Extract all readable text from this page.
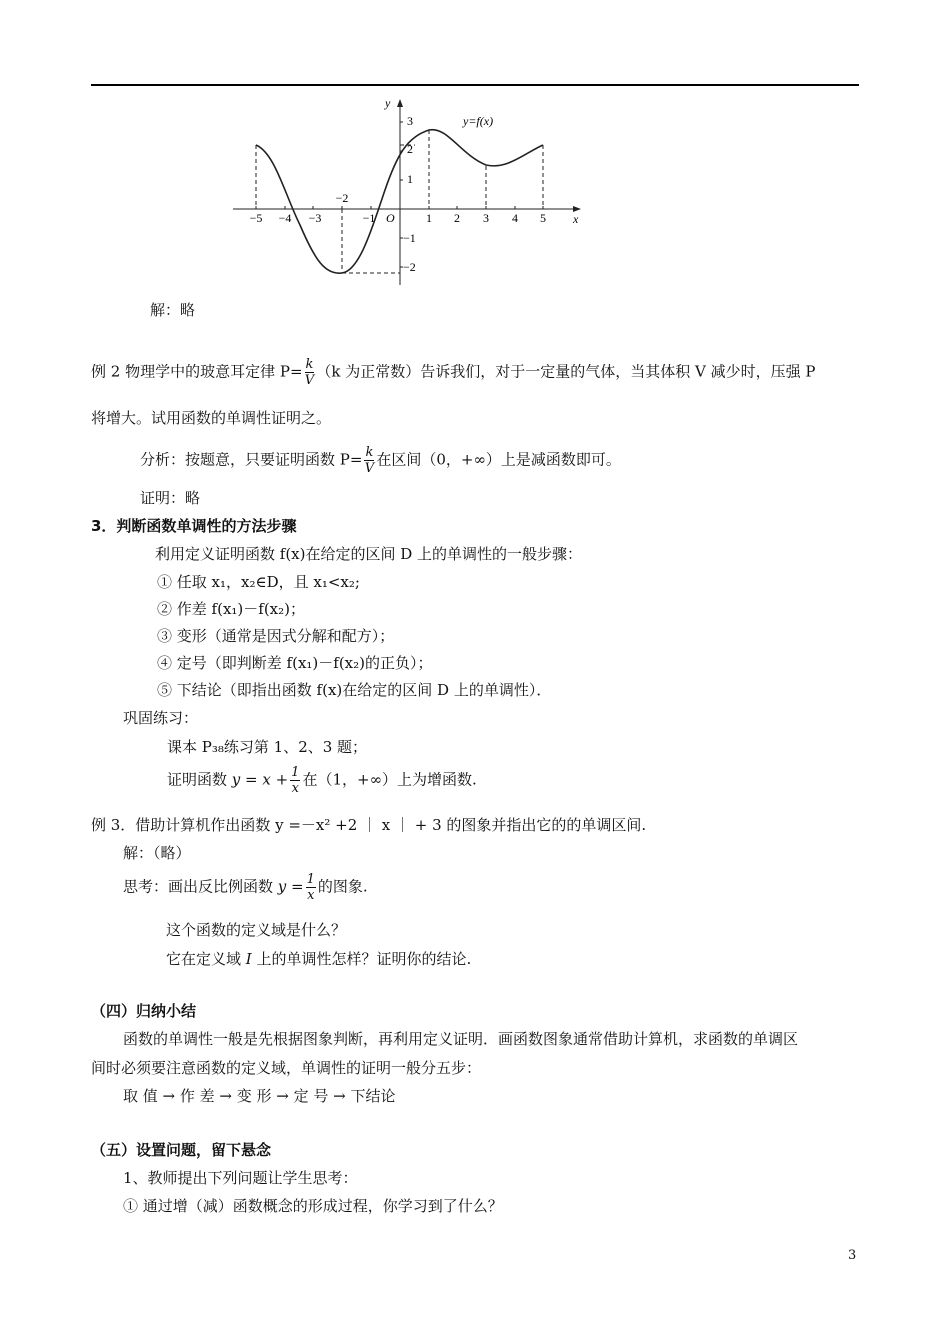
y=f(x)
y
x
O
−5 −4 −3
−2
−1	1 2 3 4 5
3
2
1
−1
−2
解：略
例 2 物理学中的玻意耳定律 $P= \frac{k}{V} (k$ 为正常数）告诉我们，对于一定量的气体，当其体积 V 减少时，压强 P
将增大。试用函数的单调性证明之。
分析：按题意，只要证明函数 $P= \frac{k}{V}$ 在区间（0，+∞）上是减函数即可。
证明：略
3．判断函数单调性的方法步骤
利用定义证明函数 f(x)在给定的区间 D 上的单调性的一般步骤：
① 任取 x₁，x₂∈D，且 x₁<x₂;
② 作差 f(x₁)－f(x₂)；
③ 变形（通常是因式分解和配方）；
④ 定号（即判断差 f(x₁)－f(x₂)的正负）；
⑤ 下结论（即指出函数 f(x)在给定的区间 D 上的单调性）．
巩固练习：
课本 P₃₈练习第 1、2、3 题；
证明函数 $y = x + \frac{1}{x}$ 在（1，+∞）上为增函数.
例 3．借助计算机作出函数 y =－x² +2 ｜ x ｜ + 3 的图象并指出它的的单调区间.
解：（略）
思考：画出反比例函数 $y = \frac{1}{x}$ 的图象.
这个函数的定义域是什么？
它在定义域 I 上的单调性怎样？证明你的结论.
（四）归纳小结
函数的单调性一般是先根据图象判断，再利用定义证明．画函数图象通常借助计算机，求函数的单调区
间时必须要注意函数的定义域，单调性的证明一般分五步：
取 值 → 作 差 → 变 形 → 定 号 → 下结论
（五）设置问题，留下悬念
1、教师提出下列问题让学生思考：
① 通过增（减）函数概念的形成过程，你学习到了什么？
3
